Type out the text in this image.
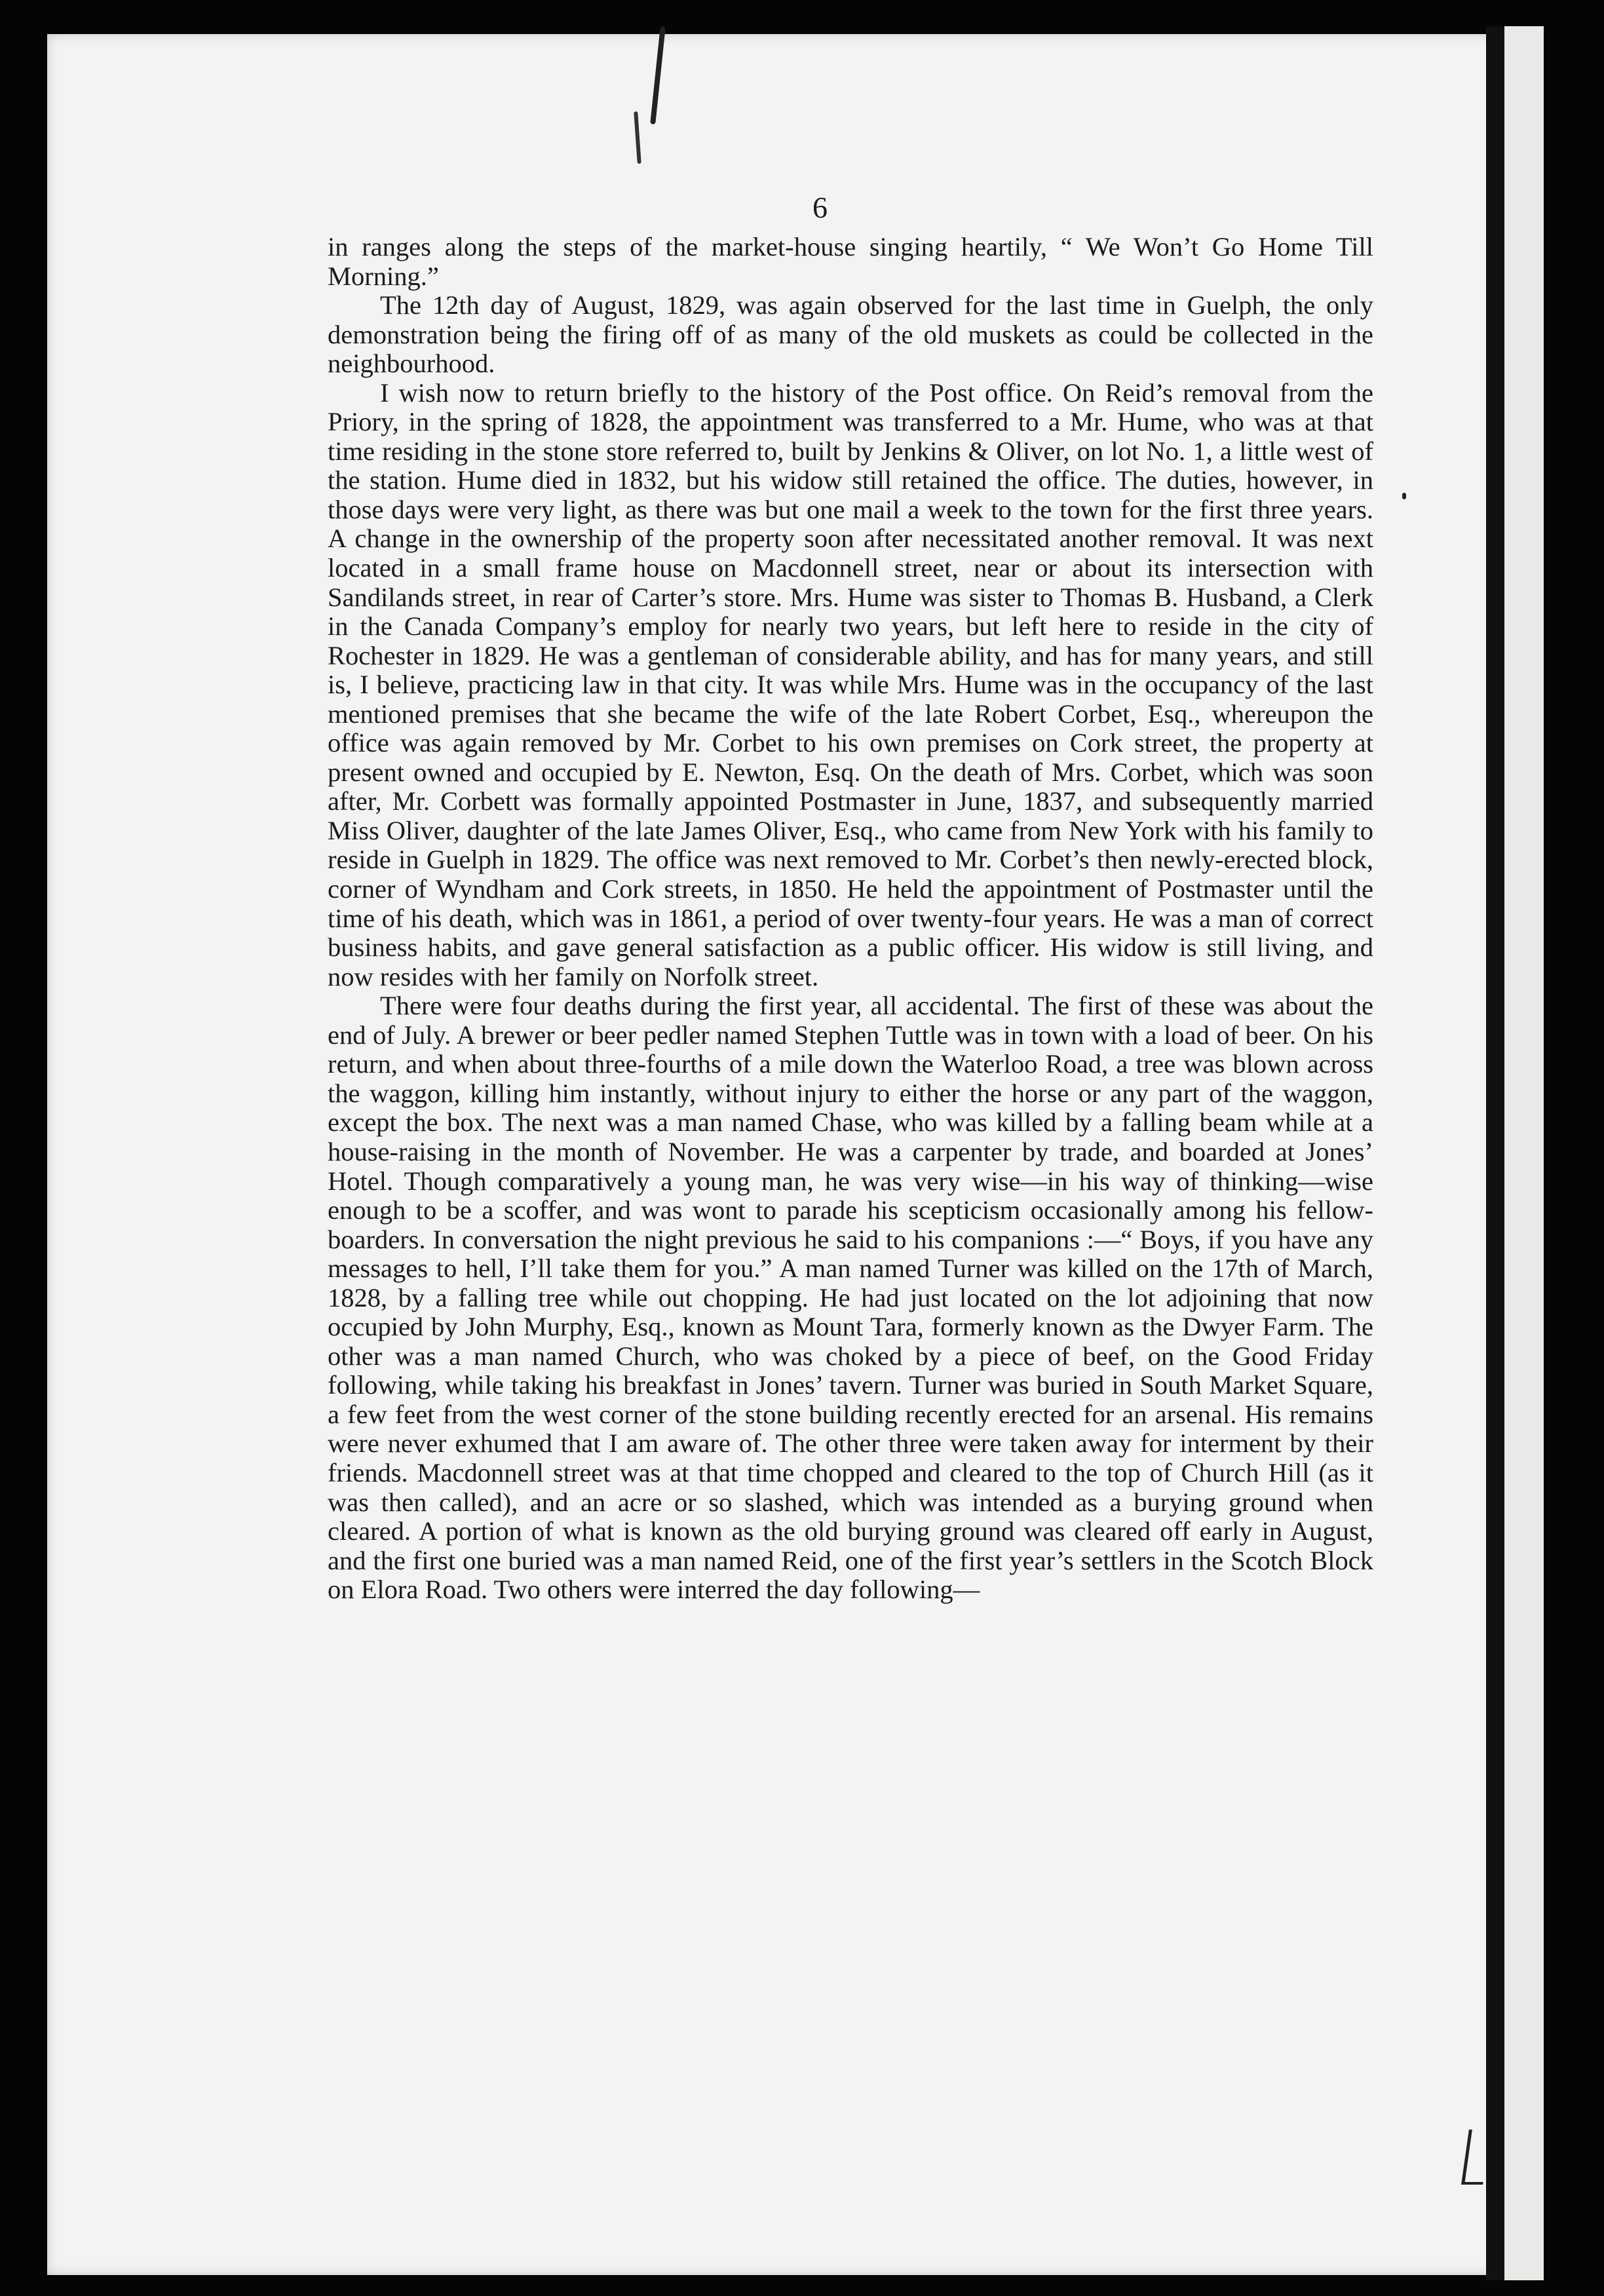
6

in ranges along the steps of the market-house singing heartily, “ We Won’t Go Home Till Morning.”

The 12th day of August, 1829, was again observed for the last time in Guelph, the only demonstration being the firing off of as many of the old muskets as could be collected in the neighbourhood.

I wish now to return briefly to the history of the Post office. On Reid’s removal from the Priory, in the spring of 1828, the appointment was transferred to a Mr. Hume, who was at that time residing in the stone store referred to, built by Jenkins & Oliver, on lot No. 1, a little west of the station. Hume died in 1832, but his widow still retained the office. The duties, however, in those days were very light, as there was but one mail a week to the town for the first three years. A change in the ownership of the property soon after necessitated another removal. It was next located in a small frame house on Macdonnell street, near or about its intersection with Sandilands street, in rear of Carter’s store. Mrs. Hume was sister to Thomas B. Husband, a Clerk in the Canada Company’s employ for nearly two years, but left here to reside in the city of Rochester in 1829. He was a gentleman of considerable ability, and has for many years, and still is, I believe, practicing law in that city. It was while Mrs. Hume was in the occupancy of the last mentioned premises that she became the wife of the late Robert Corbet, Esq., whereupon the office was again removed by Mr. Corbet to his own premises on Cork street, the property at present owned and occupied by E. Newton, Esq. On the death of Mrs. Corbet, which was soon after, Mr. Corbett was formally appointed Postmaster in June, 1837, and subsequently married Miss Oliver, daughter of the late James Oliver, Esq., who came from New York with his family to reside in Guelph in 1829. The office was next removed to Mr. Corbet’s then newly-erected block, corner of Wyndham and Cork streets, in 1850. He held the appointment of Postmaster until the time of his death, which was in 1861, a period of over twenty-four years. He was a man of correct business habits, and gave general satisfaction as a public officer. His widow is still living, and now resides with her family on Norfolk street.

There were four deaths during the first year, all accidental. The first of these was about the end of July. A brewer or beer pedler named Stephen Tuttle was in town with a load of beer. On his return, and when about three-fourths of a mile down the Waterloo Road, a tree was blown across the waggon, killing him instantly, without injury to either the horse or any part of the waggon, except the box. The next was a man named Chase, who was killed by a falling beam while at a house-raising in the month of November. He was a carpenter by trade, and boarded at Jones’ Hotel. Though comparatively a young man, he was very wise—in his way of thinking—wise enough to be a scoffer, and was wont to parade his scepticism occasionally among his fellow-boarders. In conversation the night previous he said to his companions :—“ Boys, if you have any messages to hell, I’ll take them for you.” A man named Turner was killed on the 17th of March, 1828, by a falling tree while out chopping. He had just located on the lot adjoining that now occupied by John Murphy, Esq., known as Mount Tara, formerly known as the Dwyer Farm. The other was a man named Church, who was choked by a piece of beef, on the Good Friday following, while taking his breakfast in Jones’ tavern. Turner was buried in South Market Square, a few feet from the west corner of the stone building recently erected for an arsenal. His remains were never exhumed that I am aware of. The other three were taken away for interment by their friends. Macdonnell street was at that time chopped and cleared to the top of Church Hill (as it was then called), and an acre or so slashed, which was intended as a burying ground when cleared. A portion of what is known as the old burying ground was cleared off early in August, and the first one buried was a man named Reid, one of the first year’s settlers in the Scotch Block on Elora Road. Two others were interred the day following—
